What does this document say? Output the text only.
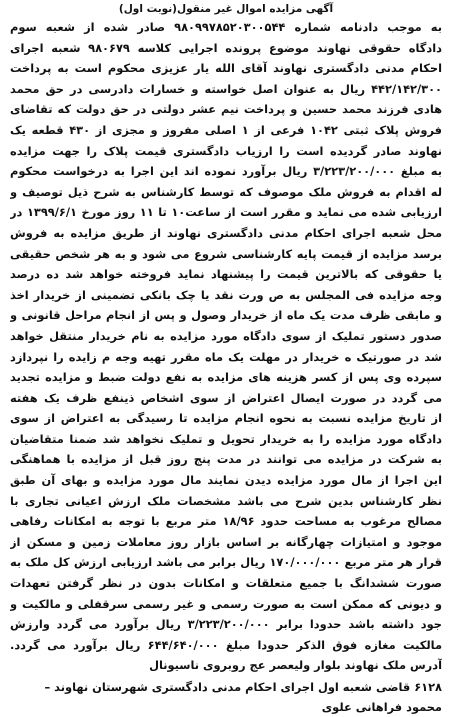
آگهی مزایده اموال غیر منقول(نوبت اول)
به موجب دادنامه شماره ۹۸۰۹۹۷۸۵۲۰۳۰۰۵۴۴ صادر شده از شعبه سوم
دادگاه حقوقی نهاوند موضوع پرونده اجرایی کلاسه ۹۸۰۶۷۹ شعبه اجرای
احکام مدنی دادگستری نهاوند آقای الله یار عزیزی محکوم است به پرداخت
۴۴۲/۱۴۲/۳۰۰ ریال به عنوان اصل خواسته و خسارات دادرسی در حق محمد
هادی فرزند محمد حسین و پرداخت نیم عشر دولتی در حق دولت که تقاضای
فروش پلاک ثبتی ۱۰۴۲ فرعی از ۱ اصلی مفروز و مجزی از ۴۳۰ قطعه یک
نهاوند صادر گردیده است را ارزیاب دادگستری قیمت پلاک را جهت مزایده
به مبلغ ۳/۲۲۳/۲۰۰/۰۰۰ ریال برآورد نموده اند این اجرا به درخواست محکوم
له اقدام به فروش ملک موصوف که توسط کارشناس به شرح ذیل توصیف و
ارزیابی شده می نماید و مقرر است از ساعت۱۰ تا ۱۱ روز مورخ ۱۳۹۹/۶/۱ در
محل شعبه اجرای احکام مدنی دادگستری نهاوند از طریق مزایده به فروش
برسد مزایده از قیمت پایه کارشناسی شروع می شود و به هر شخص حقیقی
یا حقوقی که بالاترین قیمت را پیشنهاد نماید فروخته خواهد شد ده درصد
وجه مزایده فی المجلس به ص ورت نقد یا چک بانکی تضمینی از خریدار اخذ
و مابقی ظرف مدت یک ماه از خریدار وصول و پس از انجام مراحل قانونی و
صدور دستور تملیک از سوی دادگاه مورد مزایده به نام خریدار منتقل خواهد
شد در صورتیک ه خریدار در مهلت یک ماه مقرر تهیه وجه م زایده را نپردازد
سپرده وی پس از کسر هزینه های مزایده به نفع دولت ضبط و مزایده تجدید
می گردد در صورت ایصال اعتراض از سوی اشخاص ذینفع ظرف یک هفته
از تاریخ مزایده نسبت به نحوه انجام مزایده تا رسیدگی به اعتراض از سوی
دادگاه مورد مزایده را به خریدار تحویل و تملیک نخواهد شد ضمنا متقاضیان
به شرکت در مزایده می توانند در مدت پنج روز قبل از مزایده با هماهنگی
این اجرا از مال مورد مزایده دیدن نمایند مال مورد مزایده و بهای آن طبق
نظر کارشناس بدین شرح می باشد مشخصات ملک ارزش اعیانی تجاری با
مصالح مرغوب به مساحت حدود ۱۸/۹۶ متر مربع با توجه به امکانات رفاهی
موجود و امتیازات چهارگانه بر اساس بازار روز معاملات زمین و مسکن از
قرار هر متر مربع ۱۷۰/۰۰۰/۰۰۰ ریال برابر می باشد ارزیابی ارزش کل ملک به
صورت ششدانگ با جمیع متعلقات و امکانات بدون در نظر گرفتن تعهدات
و دیونی که ممکن است به صورت رسمی و غیر رسمی سرقفلی و مالکیت و
جود داشته باشد حدودا برابر ۳/۲۲۳/۲۰۰/۰۰۰ ریال برآورد می گردد وارزش
مالکیت مغازه فوق الذکر حدودا مبلغ ۶۴۴/۶۴۰/۰۰۰ ریال برآورد می گردد.
آدرس ملک نهاوند بلوار ولیعصر عج روبروی ناسیونال
۶۱۲۸ قاضی شعبه اول اجرای احکام مدنی دادگستری شهرستان نهاوند –
محمود فراهانی علوی
